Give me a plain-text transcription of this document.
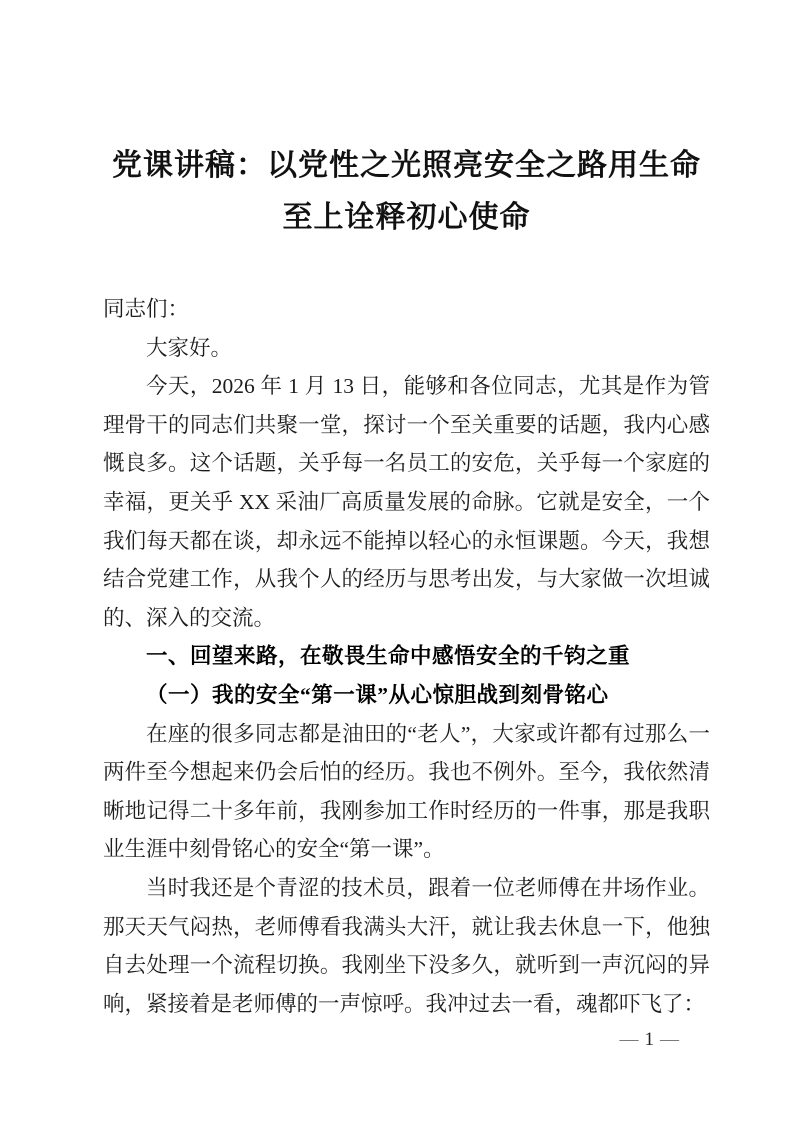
党课讲稿：以党性之光照亮安全之路用生命至上诠释初心使命

同志们：

大家好。

今天，2026 年 1 月 13 日，能够和各位同志，尤其是作为管理骨干的同志们共聚一堂，探讨一个至关重要的话题，我内心感慨良多。这个话题，关乎每一名员工的安危，关乎每一个家庭的幸福，更关乎 XX 采油厂高质量发展的命脉。它就是安全，一个我们每天都在谈，却永远不能掉以轻心的永恒课题。今天，我想结合党建工作，从我个人的经历与思考出发，与大家做一次坦诚的、深入的交流。

一、回望来路，在敬畏生命中感悟安全的千钧之重

（一）我的安全“第一课”从心惊胆战到刻骨铭心

在座的很多同志都是油田的“老人”，大家或许都有过那么一两件至今想起来仍会后怕的经历。我也不例外。至今，我依然清晰地记得二十多年前，我刚参加工作时经历的一件事，那是我职业生涯中刻骨铭心的安全“第一课”。

当时我还是个青涩的技术员，跟着一位老师傅在井场作业。那天天气闷热，老师傅看我满头大汗，就让我去休息一下，他独自去处理一个流程切换。我刚坐下没多久，就听到一声沉闷的异响，紧接着是老师傅的一声惊呼。我冲过去一看，魂都吓飞了：

— 1 —
